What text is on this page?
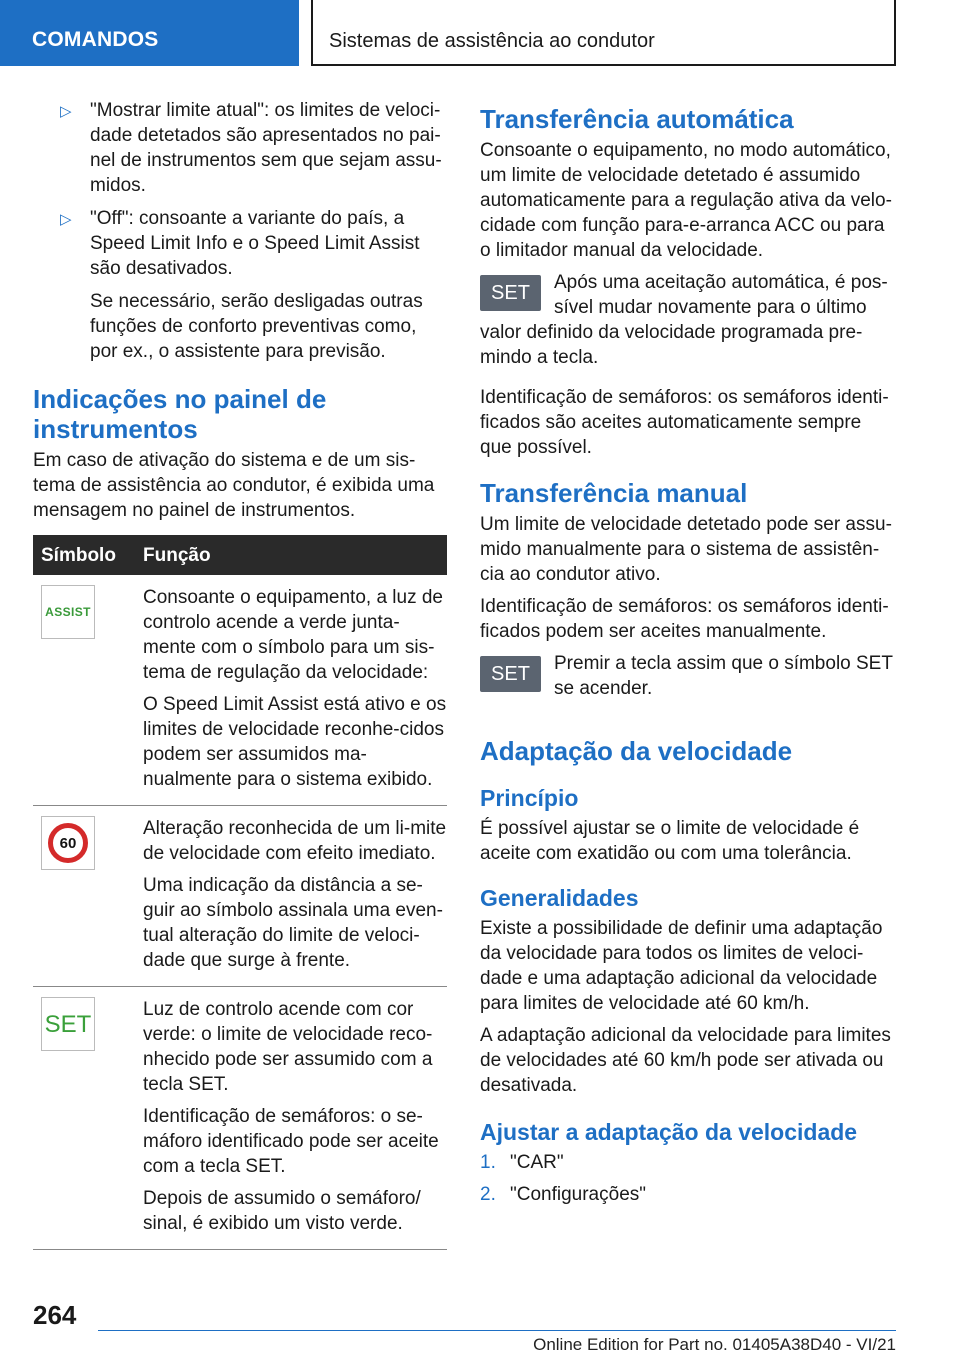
COMANDOS	Sistemas de assistência ao condutor
▷ "Mostrar limite atual": os limites de veloci-dade detetados são apresentados no pai-nel de instrumentos sem que sejam assu-midos.
▷ "Off": consoante a variante do país, a Speed Limit Info e o Speed Limit Assist são desativados.

Se necessário, serão desligadas outras funções de conforto preventivas como, por ex., o assistente para previsão.

Indicações no painel de instrumentos

Em caso de ativação do sistema e de um sis-tema de assistência ao condutor, é exibida uma mensagem no painel de instrumentos.

Símbolo	Função

ASSIST	Consoante o equipamento, a luz de controlo acende a verde junta-mente com o símbolo para um sis-tema de regulação da velocidade:

O Speed Limit Assist está ativo e os limites de velocidade reconhe-cidos podem ser assumidos ma-nualmente para o sistema exibido.

60	Alteração reconhecida de um li-mite de velocidade com efeito imediato.

Uma indicação da distância a se-guir ao símbolo assinala uma even-tual alteração do limite de veloci-dade que surge à frente.

SET	Luz de controlo acende com cor verde: o limite de velocidade reco-nhecido pode ser assumido com a tecla SET.

Identificação de semáforos: o se-máforo identificado pode ser aceite com a tecla SET.

Depois de assumido o semáforo/ sinal, é exibido um visto verde.

Transferência automática

Consoante o equipamento, no modo automático, um limite de velocidade detetado é assumido automaticamente para a regulação ativa da velo-cidade com função para-e-arranca ACC ou para o limitador manual da velocidade.

SET	Após uma aceitação automática, é pos-sível mudar novamente para o último valor definido da velocidade programada pre-mindo a tecla.

Identificação de semáforos: os semáforos identi-ficados são aceites automaticamente sempre que possível.

Transferência manual

Um limite de velocidade detetado pode ser assu-mido manualmente para o sistema de assistên-cia ao condutor ativo.

Identificação de semáforos: os semáforos identi-ficados podem ser aceites manualmente.

SET	Premir a tecla assim que o símbolo SET se acender.

Adaptação da velocidade
Princípio

É possível ajustar se o limite de velocidade é aceite com exatidão ou com uma tolerância.

Generalidades

Existe a possibilidade de definir uma adaptação da velocidade para todos os limites de veloci-dade e uma adaptação adicional da velocidade para limites de velocidade até 60 km/h.

A adaptação adicional da velocidade para limites de velocidades até 60 km/h pode ser ativada ou desativada.

Ajustar a adaptação da velocidade
1. "CAR"
2. "Configurações"
264
Online Edition for Part no. 01405A38D40 - VI/21
